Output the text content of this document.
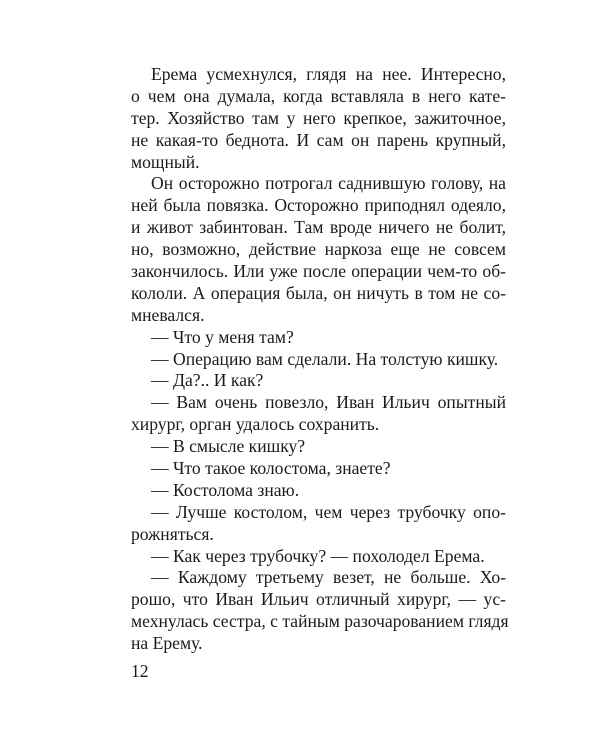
Ерема усмехнулся, глядя на нее. Интересно,
о чем она думала, когда вставляла в него кате-
тер. Хозяйство там у него крепкое, зажиточное,
не какая-то беднота. И сам он парень крупный,
мощный.
Он осторожно потрогал саднившую голову, на
ней была повязка. Осторожно приподнял одеяло,
и живот забинтован. Там вроде ничего не болит,
но, возможно, действие наркоза еще не совсем
закончилось. Или уже после операции чем-то об-
кололи. А операция была, он ничуть в том не со-
мневался.
— Что у меня там?
— Операцию вам сделали. На толстую кишку.
— Да?.. И как?
— Вам очень повезло, Иван Ильич опытный
хирург, орган удалось сохранить.
— В смысле кишку?
— Что такое колостома, знаете?
— Костолома знаю.
— Лучше костолом, чем через трубочку опо-
рожняться.
— Как через трубочку? — похолодел Ерема.
— Каждому третьему везет, не больше. Хо-
рошо, что Иван Ильич отличный хирург, — ус-
мехнулась сестра, с тайным разочарованием глядя
на Ерему.
12
